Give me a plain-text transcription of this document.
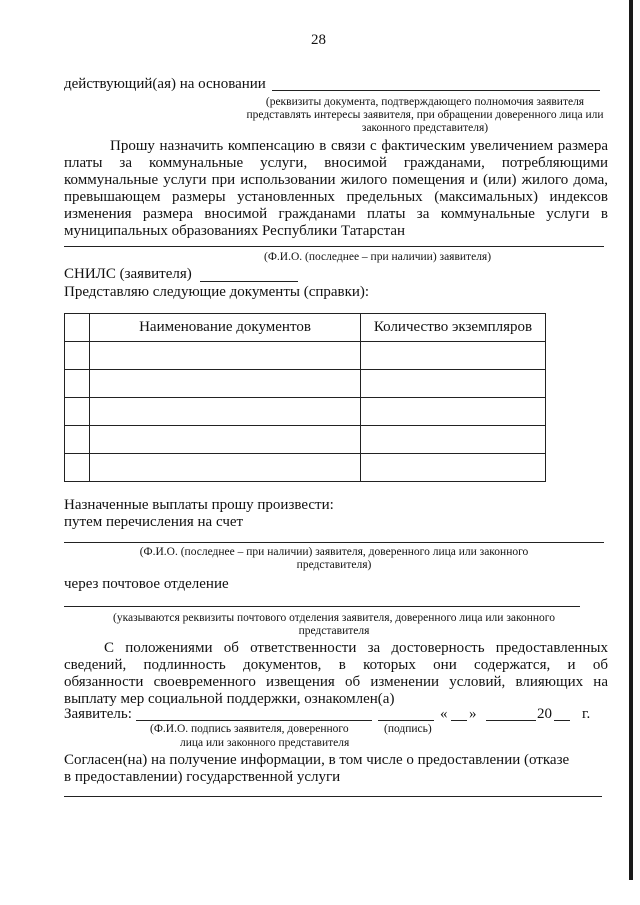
28
действующий(ая) на основании
(реквизиты документа, подтверждающего полномочия заявителя
представлять интересы заявителя, при обращении доверенного лица или
законного представителя)
Прошу назначить компенсацию в связи с фактическим увеличением размера
платы за коммунальные услуги, вносимой гражданами, потребляющими
коммунальные услуги при использовании жилого помещения и (или) жилого дома,
превышающем размеры установленных предельных (максимальных) индексов
изменения размера вносимой гражданами платы за коммунальные услуги в
муниципальных образованиях Республики Татарстан
(Ф.И.О. (последнее – при наличии) заявителя)
СНИЛС (заявителя)
Представляю следующие документы (справки):
	Наименование документов	Количество экземпляров

Назначенные выплаты прошу произвести:
путем перечисления на счет
(Ф.И.О. (последнее – при наличии) заявителя, доверенного лица или законного
представителя)
через почтовое отделение
(указываются реквизиты почтового отделения заявителя, доверенного лица или законного
представителя
С положениями об ответственности за достоверность предоставленных
сведений, подлинность документов, в которых они содержатся, и об
обязанности своевременного извещения об изменении условий, влияющих на
выплату мер социальной поддержки, ознакомлен(а)
Заявитель:	« »	20 г.
(Ф.И.О. подпись заявителя, доверенного	(подпись)
лица или законного представителя
Согласен(на) на получение информации, в том числе о предоставлении (отказе
в предоставлении) государственной услуги
